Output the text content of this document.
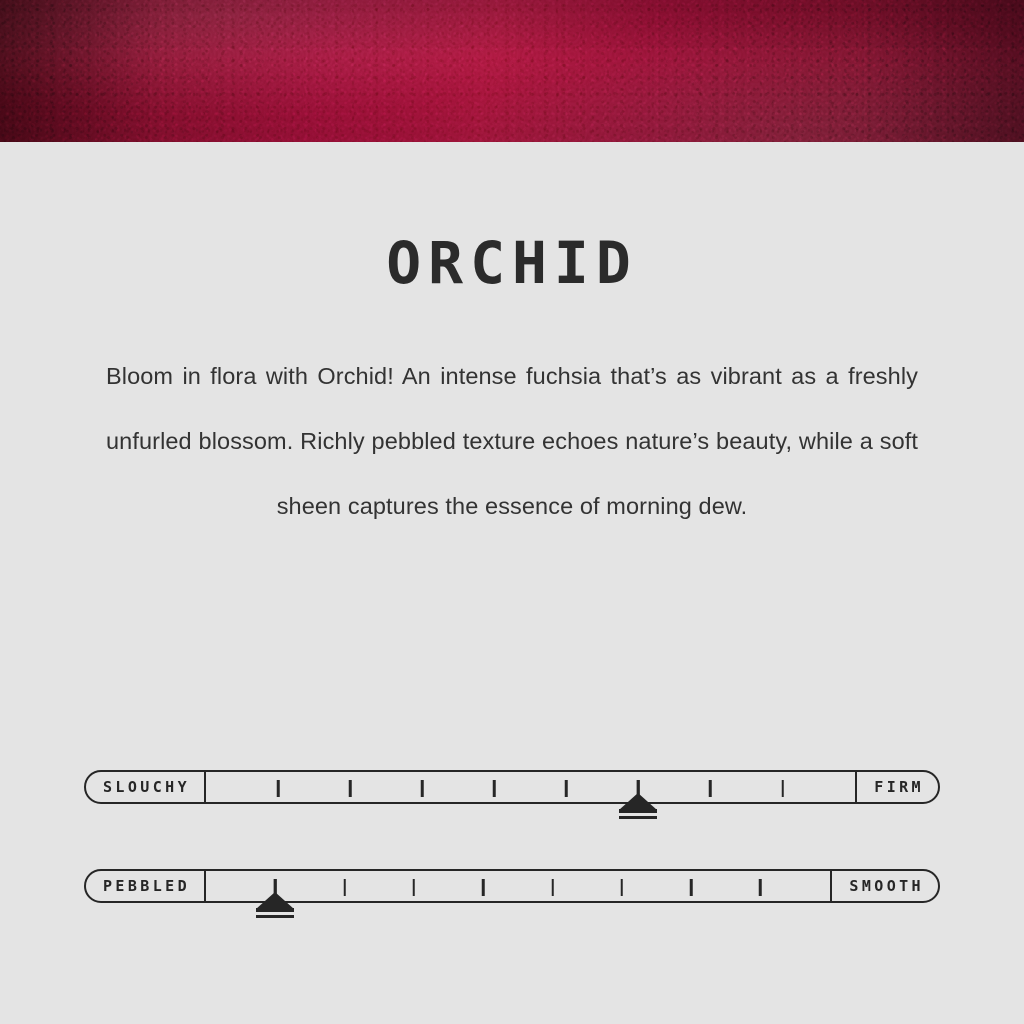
ORCHID

Bloom in flora with Orchid! An intense fuchsia that’s as vibrant as a freshly unfurled blossom. Richly pebbled texture echoes nature’s beauty, while a soft sheen captures the essence of morning dew.

SLOUCHY	FIRM
PEBBLED	SMOOTH
